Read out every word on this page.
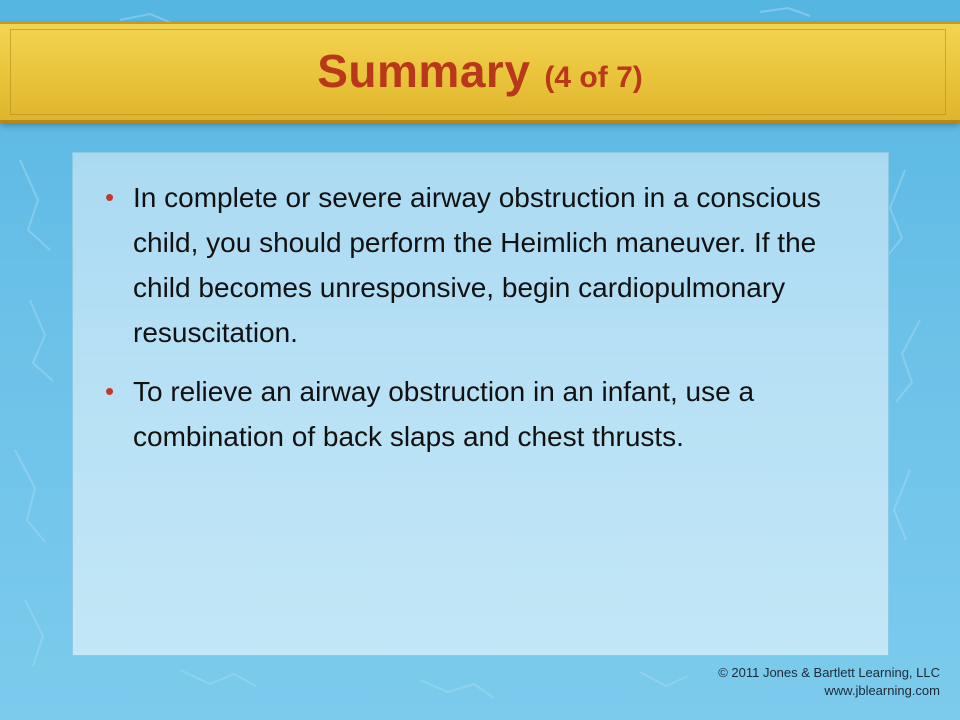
Summary (4 of 7)
• In complete or severe airway obstruction in a conscious child, you should perform the Heimlich maneuver. If the child becomes unresponsive, begin cardiopulmonary resuscitation.
• To relieve an airway obstruction in an infant, use a combination of back slaps and chest thrusts.
© 2011 Jones & Bartlett Learning, LLC
www.jblearning.com
